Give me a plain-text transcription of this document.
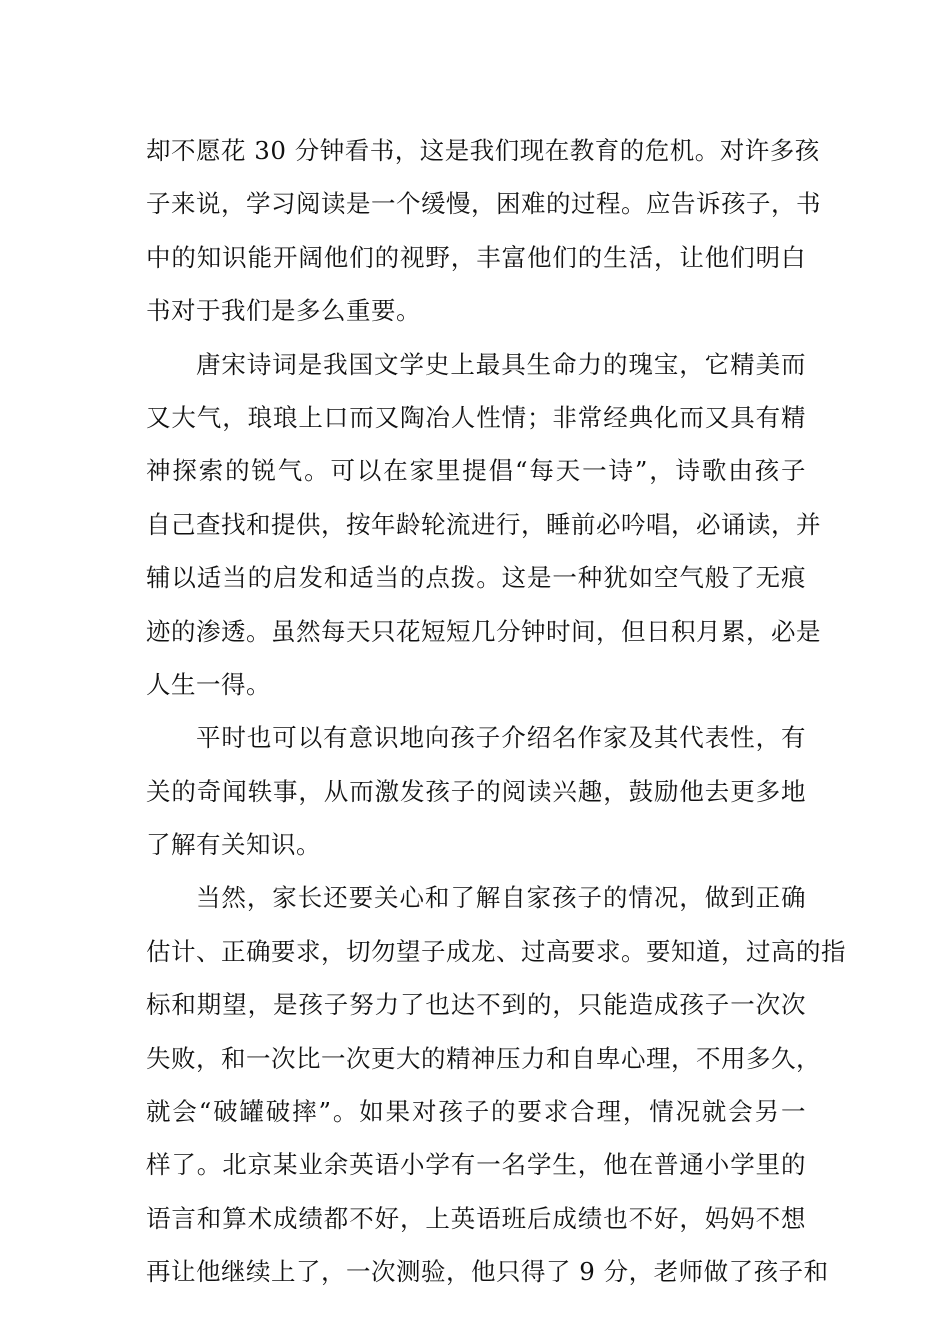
却不愿花 30 分钟看书，这是我们现在教育的危机。对许多孩
子来说，学习阅读是一个缓慢，困难的过程。应告诉孩子，书
中的知识能开阔他们的视野，丰富他们的生活，让他们明白
书对于我们是多么重要。
唐宋诗词是我国文学史上最具生命力的瑰宝，它精美而
又大气，琅琅上口而又陶冶人性情；非常经典化而又具有精
神探索的锐气。可以在家里提倡“每天一诗”，诗歌由孩子
自己查找和提供，按年龄轮流进行，睡前必吟唱，必诵读，并
辅以适当的启发和适当的点拨。这是一种犹如空气般了无痕
迹的渗透。虽然每天只花短短几分钟时间，但日积月累，必是
人生一得。
平时也可以有意识地向孩子介绍名作家及其代表性，有
关的奇闻轶事，从而激发孩子的阅读兴趣，鼓励他去更多地
了解有关知识。
当然，家长还要关心和了解自家孩子的情况，做到正确
估计、正确要求，切勿望子成龙、过高要求。要知道，过高的指
标和期望，是孩子努力了也达不到的，只能造成孩子一次次
失败，和一次比一次更大的精神压力和自卑心理，不用多久，
就会“破罐破摔”。如果对孩子的要求合理，情况就会另一
样了。北京某业余英语小学有一名学生，他在普通小学里的
语言和算术成绩都不好，上英语班后成绩也不好，妈妈不想
再让他继续上了，一次测验，他只得了 9 分，老师做了孩子和
